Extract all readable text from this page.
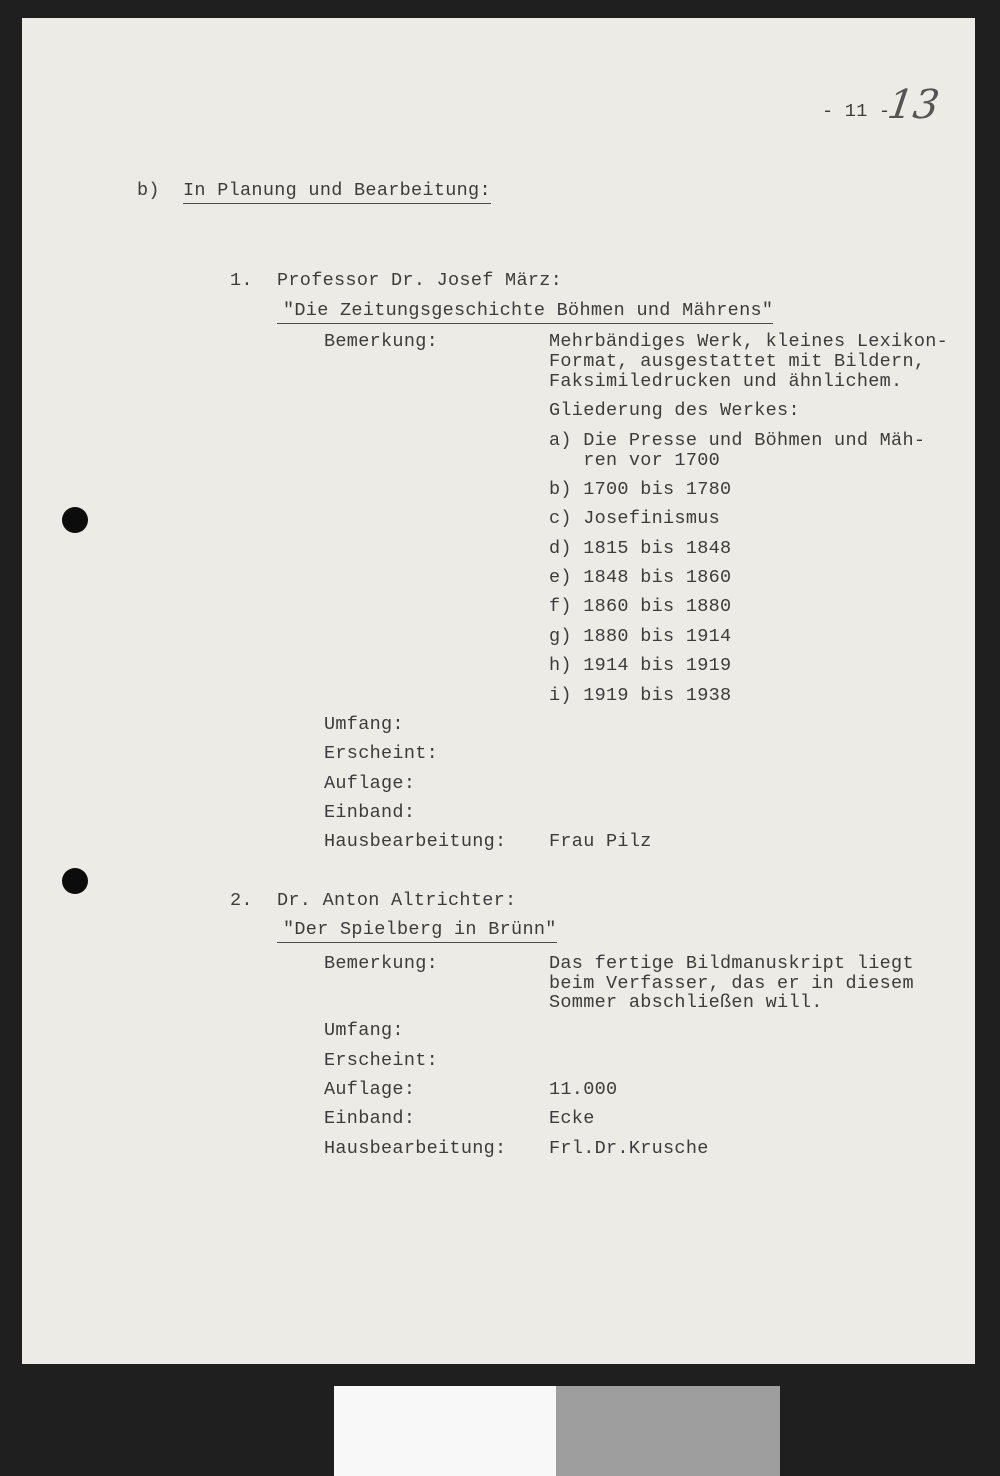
- 11 -
13
b) In Planung und Bearbeitung:
1. Professor Dr. Josef März:
"Die Zeitungsgeschichte Böhmen und Mährens"
Bemerkung:	Mehrbändiges Werk, kleines Lexikon-
Format, ausgestattet mit Bildern,
Faksimiledrucken und ähnlichem.
Gliederung des Werkes:
a) Die Presse und Böhmen und Mäh-
ren vor 1700
b) 1700 bis 1780
c) Josefinismus
d) 1815 bis 1848
e) 1848 bis 1860
f) 1860 bis 1880
g) 1880 bis 1914
h) 1914 bis 1919
i) 1919 bis 1938
Umfang:
Erscheint:
Auflage:
Einband:
Hausbearbeitung: Frau Pilz
2. Dr. Anton Altrichter:
"Der Spielberg in Brünn"
Bemerkung:	Das fertige Bildmanuskript liegt
beim Verfasser, das er in diesem
Sommer abschließen will.
Umfang:
Erscheint:
Auflage:	11.000
Einband:	Ecke
Hausbearbeitung: Frl.Dr.Krusche
